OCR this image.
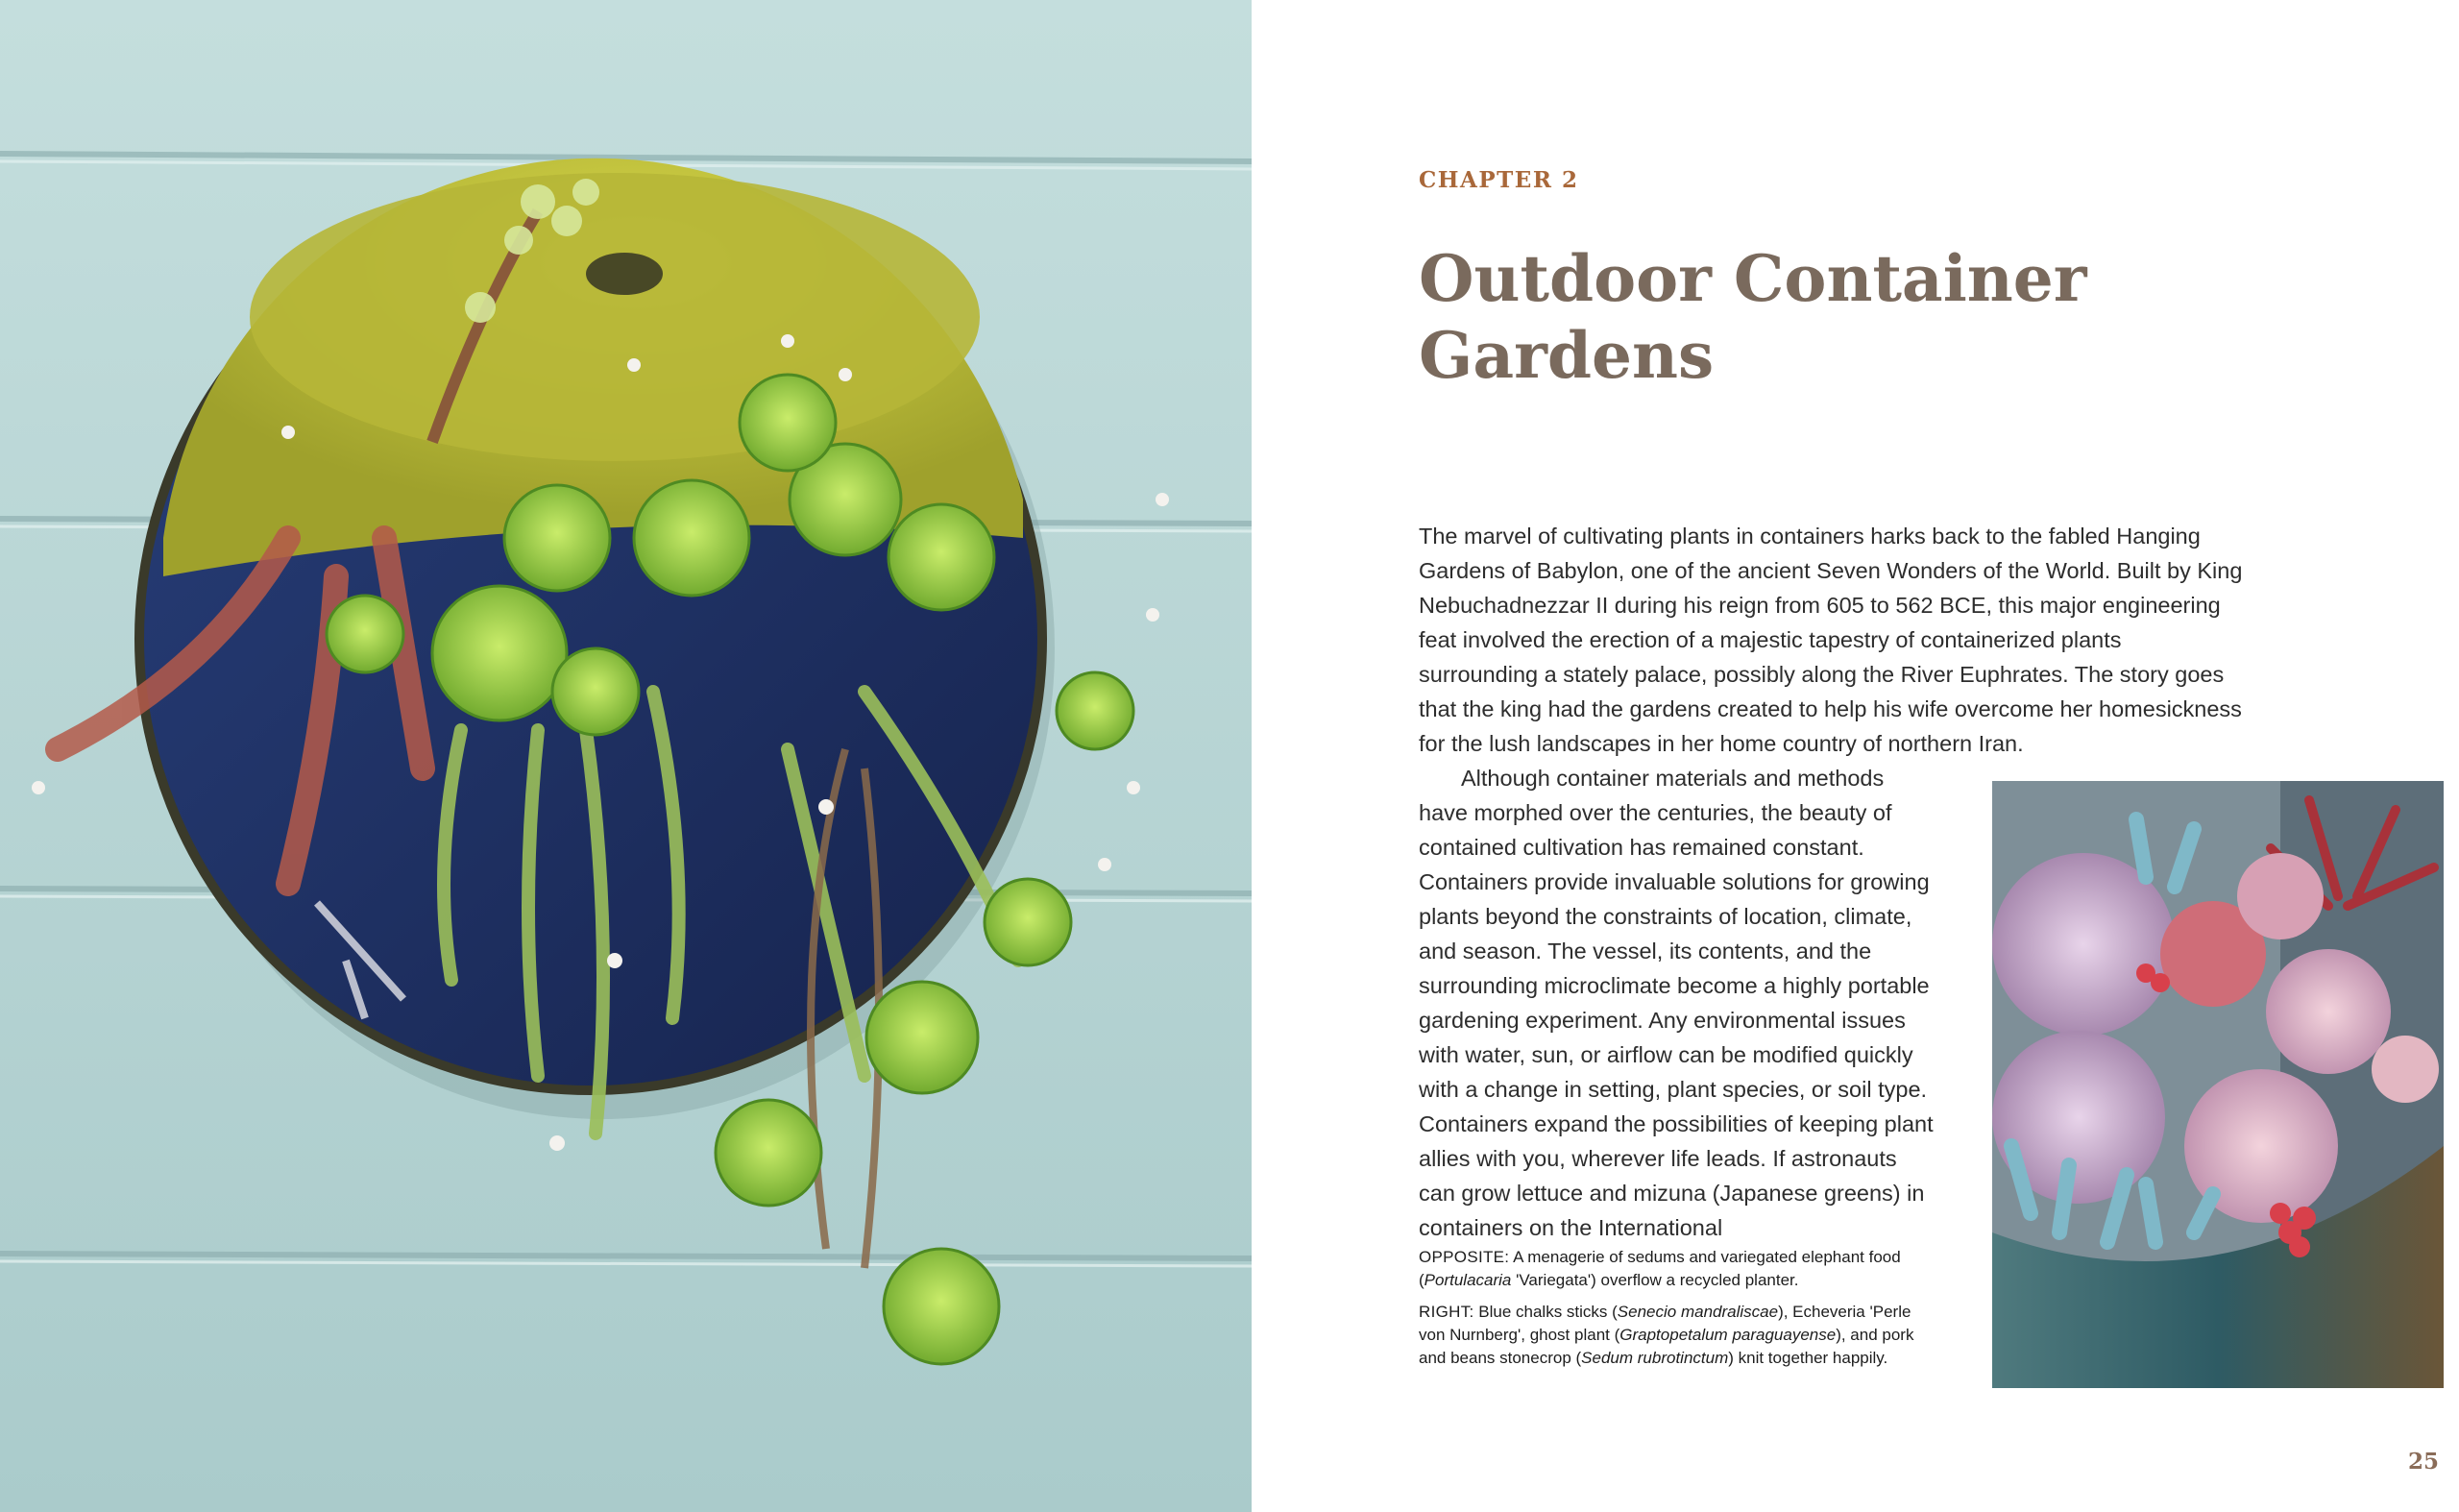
CHAPTER 2
Outdoor Container
Gardens

The marvel of cultivating plants in containers harks back to the fabled Hanging Gardens of Babylon, one of the ancient Seven Wonders of the World. Built by King Nebuchadnezzar II during his reign from 605 to 562 BCE, this major engineering feat involved the erection of a majestic tapestry of containerized plants surrounding a stately palace, possibly along the River Euphrates. The story goes that the king had the gardens created to help his wife overcome her homesickness for the lush landscapes in her home country of northern Iran.

Although container materials and methods have morphed over the centuries, the beauty of contained cultivation has remained constant. Containers provide invaluable solutions for growing plants beyond the constraints of location, climate, and season. The vessel, its contents, and the surrounding microclimate become a highly portable gardening experiment. Any environmental issues with water, sun, or airflow can be modified quickly with a change in setting, plant species, or soil type. Containers expand the possibilities of keeping plant allies with you, wherever life leads. If astronauts can grow lettuce and mizuna (Japanese greens) in containers on the International

OPPOSITE: A menagerie of sedums and variegated elephant food (Portulacaria 'Variegata') overflow a recycled planter.

RIGHT: Blue chalks sticks (Senecio mandraliscae), Echeveria 'Perle von Nurnberg', ghost plant (Graptopetalum paraguayense), and pork and beans stonecrop (Sedum rubrotinctum) knit together happily.

25
